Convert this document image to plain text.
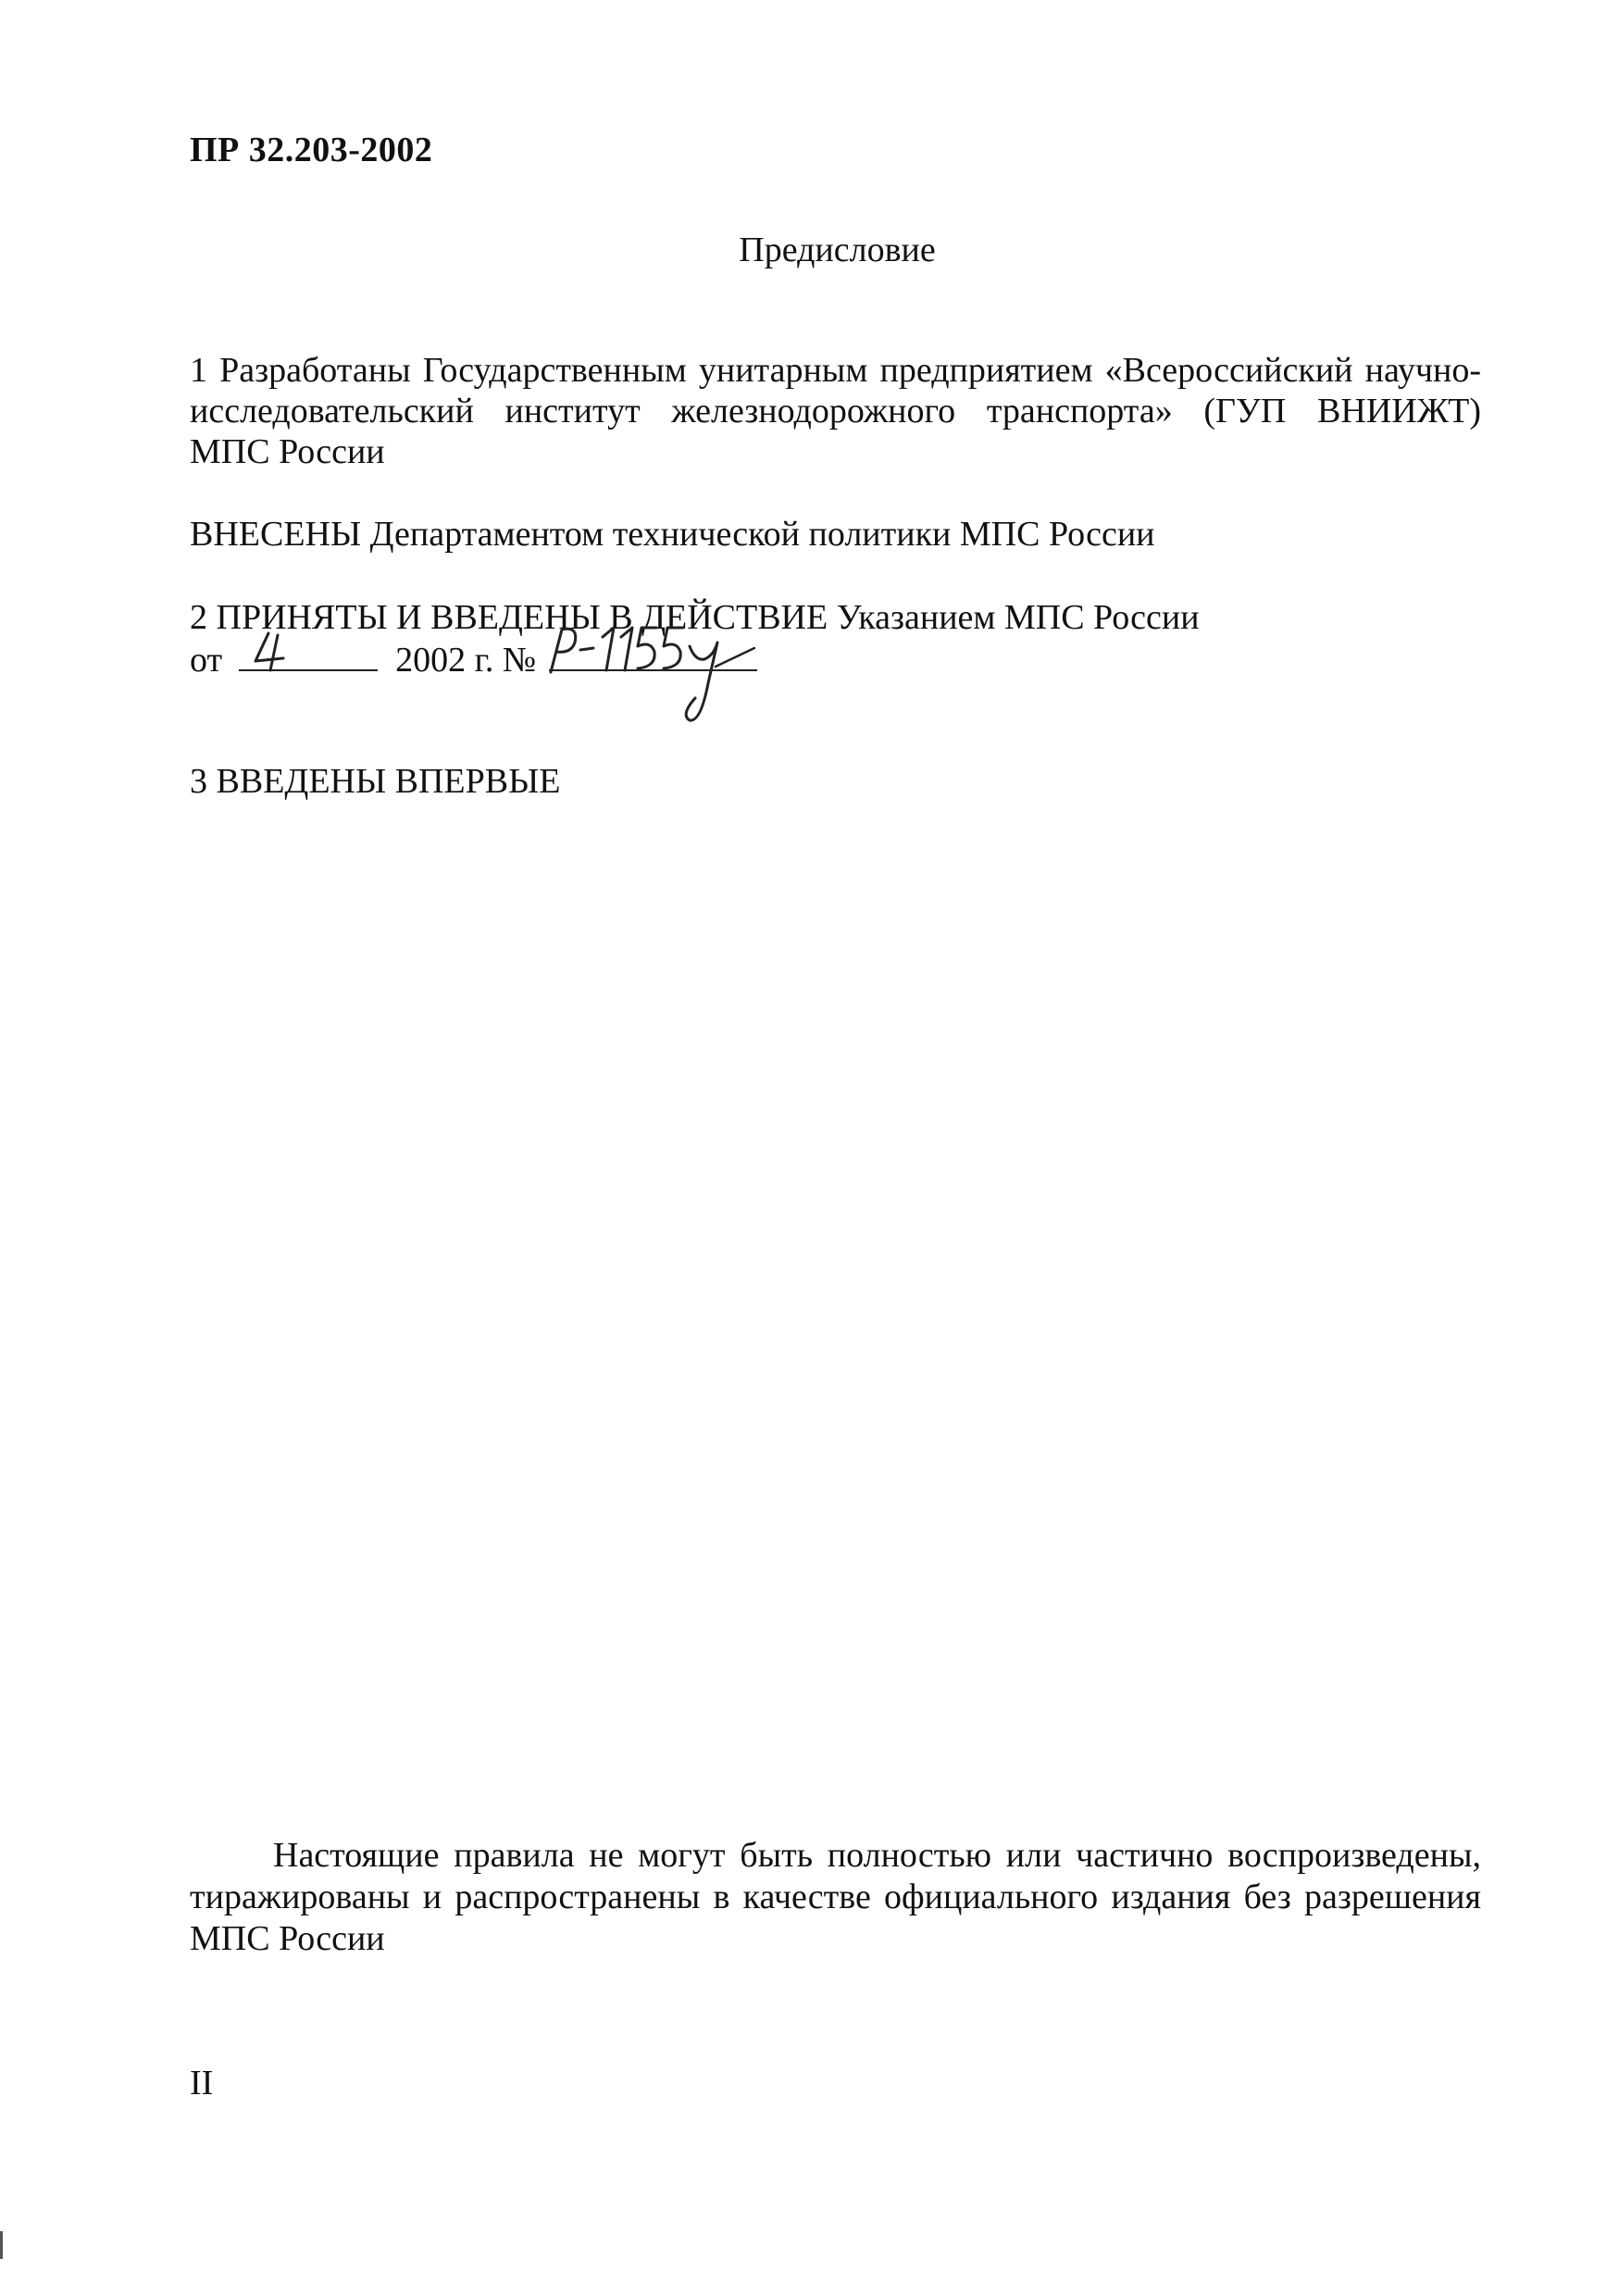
ПР 32.203-2002
Предисловие
1 Разработаны Государственным унитарным предприятием «Всероссийский научно-
исследовательский институт железнодорожного транспорта» (ГУП ВНИИЖТ)
МПС России
ВНЕСЕНЫ Департаментом технической политики МПС России
2 ПРИНЯТЫ И ВВЕДЕНЫ В ДЕЙСТВИЕ Указанием МПС России
от	2002 г. №
3 ВВЕДЕНЫ ВПЕРВЫЕ
Настоящие правила не могут быть полностью или частично воспроизведены,
тиражированы и распространены в качестве официального издания без разрешения
МПС России
II
